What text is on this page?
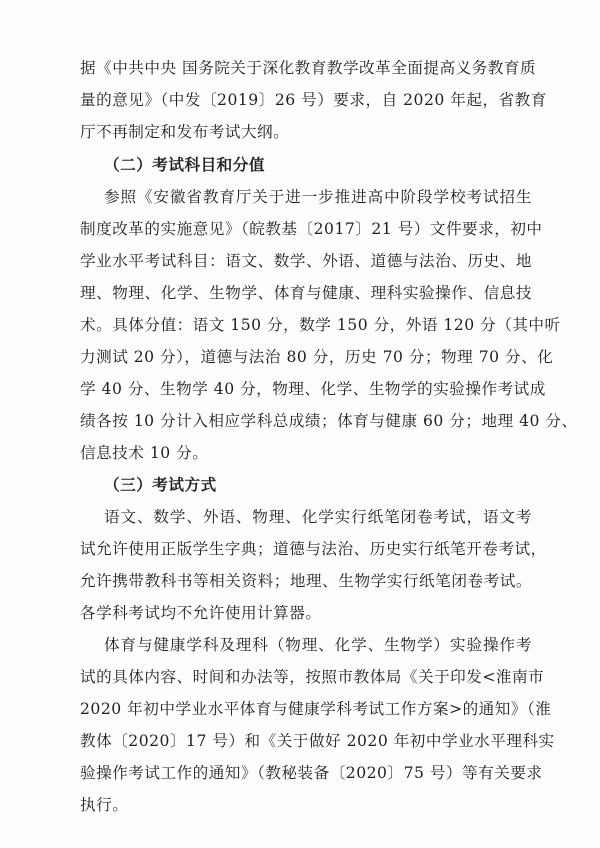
据《中共中央 国务院关于深化教育教学改革全面提高义务教育质
量的意见》（中发〔2019〕26 号）要求，自 2020 年起，省教育
厅不再制定和发布考试大纲。
（二）考试科目和分值
参照《安徽省教育厅关于进一步推进高中阶段学校考试招生
制度改革的实施意见》（皖教基〔2017〕21 号）文件要求，初中
学业水平考试科目：语文、数学、外语、道德与法治、历史、地
理、物理、化学、生物学、体育与健康、理科实验操作、信息技
术。具体分值：语文 150 分，数学 150 分，外语 120 分（其中听
力测试 20 分），道德与法治 80 分，历史 70 分；物理 70 分、化
学 40 分、生物学 40 分，物理、化学、生物学的实验操作考试成
绩各按 10 分计入相应学科总成绩；体育与健康 60 分；地理 40 分、
信息技术 10 分。
（三）考试方式
语文、数学、外语、物理、化学实行纸笔闭卷考试，语文考
试允许使用正版学生字典；道德与法治、历史实行纸笔开卷考试，
允许携带教科书等相关资料；地理、生物学实行纸笔闭卷考试。
各学科考试均不允许使用计算器。
体育与健康学科及理科（物理、化学、生物学）实验操作考
试的具体内容、时间和办法等，按照市教体局《关于印发<淮南市
2020 年初中学业水平体育与健康学科考试工作方案>的通知》（淮
教体〔2020〕17 号）和《关于做好 2020 年初中学业水平理科实
验操作考试工作的通知》（教秘装备〔2020〕75 号）等有关要求
执行。
